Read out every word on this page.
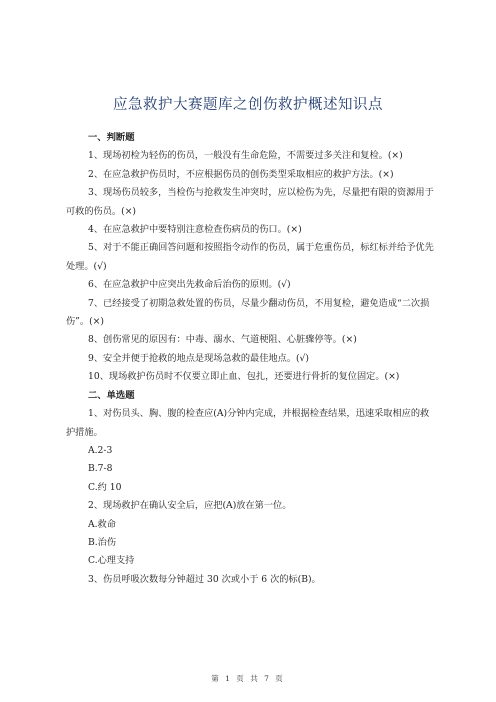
应急救护大赛题库之创伤救护概述知识点

一、判断题

1、现场初检为轻伤的伤员，一般没有生命危险，不需要过多关注和复检。(×)

2、在应急救护伤员时，不应根据伤员的创伤类型采取相应的救护方法。(×)

3、现场伤员较多，当检伤与抢救发生冲突时，应以检伤为先，尽量把有限的资源用于可救的伤员。(×)

4、在应急救护中要特别注意检查伤病员的伤口。(×)

5、对于不能正确回答问题和按照指令动作的伤员，属于危重伤员，标红标并给予优先处理。(√)

6、在应急救护中应突出先救命后治伤的原则。(√)

7、已经接受了初期急救处置的伤员，尽量少翻动伤员，不用复检，避免造成“二次损伤”。(×)

8、创伤常见的原因有：中毒、溺水、气道梗阻、心脏骤停等。(×)

9、安全并便于抢救的地点是现场急救的最佳地点。(√)

10、现场救护伤员时不仅要立即止血、包扎，还要进行骨折的复位固定。(×)

二、单选题

1、对伤员头、胸、腹的检查应(A)分钟内完成，并根据检查结果，迅速采取相应的救护措施。

A.2-3

B.7-8

C.约 10

2、现场救护在确认安全后，应把(A)放在第一位。

A.救命

B.治伤

C.心理支持

3、伤员呼吸次数每分钟超过 30 次或小于 6 次的标(B)。

第 1 页 共 7 页
